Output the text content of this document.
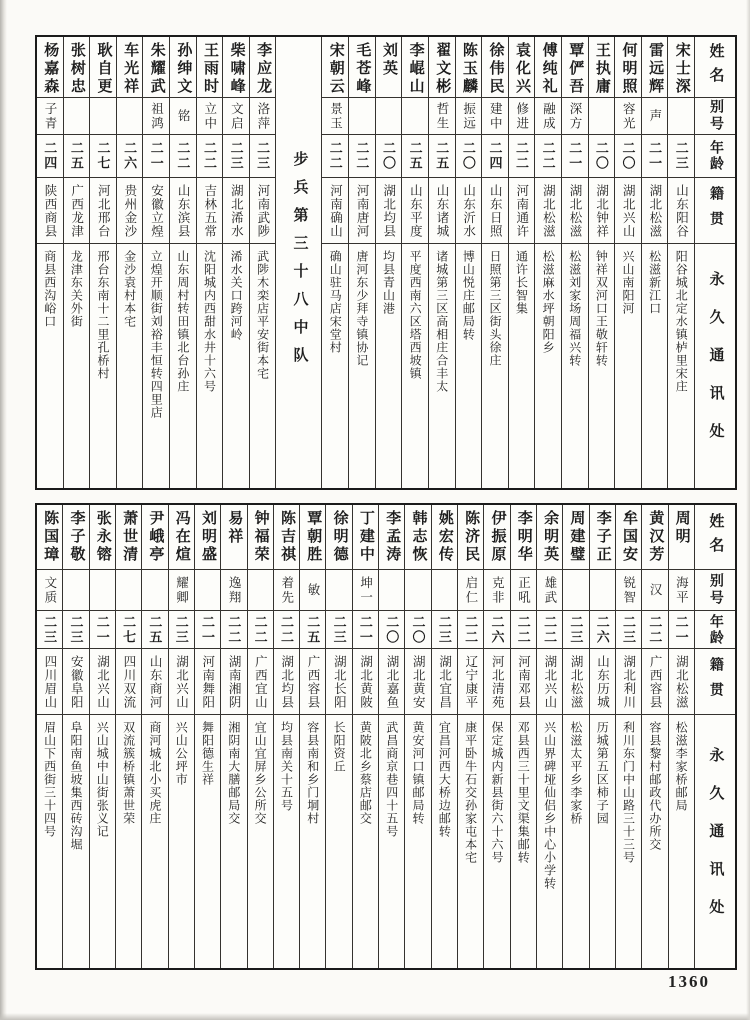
杨嘉森
子青
二四
陕西商县
商县西沟峪口
张树忠
二五
广西龙津
龙津东关外街
耿自更
二七
河北邢台
邢台东南十二里孔桥村
车光祥
二六
贵州金沙
金沙袁村本宅
朱耀武
祖鸿
二一
安徽立煌
立煌开顺街刘裕丰恒转四里店
孙绅文
铭
二二
山东滨县
山东周村转田镇北台孙庄
王雨时
立中
二二
吉林五常
沈阳城内西甜水井十六号
柴啸峰
文启
二三
湖北浠水
浠水关口跨河岭
李应龙
洛萍
二三
河南武陟
武陟木栾店平安街本宅 步兵第三十八中队
宋朝云
景玉
二二
河南确山
确山驻马店宋堂村
毛苍峰
二二
河南唐河
唐河东少拜寺镇协记
刘英
二〇
湖北均县
均县青山港
李崐山
二五
山东平度
平度西南六区塔西坡镇
翟文彬
哲生
二五
山东诸城
诸城第三区高相庄合丰太
陈玉麟
振远
二〇
山东沂水
博山悦庄邮局转
徐伟民
建中
二四
山东日照
日照第三区街头徐庄
袁化兴
修进
二二
河南通许
通许长智集
傅纯礼
融成
二二
湖北松滋
松滋麻水坪朝阳乡
覃俨吾
深方
二一
湖北松滋
松滋刘家场周福兴转
王执庸
二〇
湖北钟祥
钟祥双河口王敬轩转
何明照
容光
二〇
湖北兴山
兴山南阳河
雷远辉
声
二一
湖北松滋
松滋新江口
宋士深
二三
山东阳谷
阳谷城北定水镇栌里宋庄
姓名
别号
年龄
籍贯
永久通讯处
陈国璋
文质
二三
四川眉山
眉山下西街三十四号
李子敬
二三
安徽阜阳
阜阳南鱼坡集西砖沟堀
张永镕
二一
湖北兴山
兴山城中山街张义记
萧世清
二七
四川双流
双流簇桥镇萧世荣
尹峨亭
二五
山东商河
商河城北小买虎庄
冯在煊
耀卿
二三
湖北兴山
兴山公坪市
刘明盛
二一
河南舞阳
舞阳德生祥
易祥
逸翔
二二
湖南湘阴
湘阴南大膳邮局交
钟福荣
二二
广西宜山
宜山宜屏乡公所交
陈吉祺
着先
二二
湖北均县
均县南关十五号
覃朝胜
敏
二五
广西容县
容县南和乡门垌村
徐明德
二三
湖北长阳
长阳资丘
丁建中
坤一
二一
湖北黄陂
黄陂北乡蔡店邮交
李孟涛
二〇
湖北嘉鱼
武昌商京巷四十五号
韩志恢
二〇
湖北黄安
黄安河口镇邮局转
姚宏传
二三
湖北宜昌
宜昌河西大桥边邮转
陈济民
启仁
二二
辽宁康平
康平卧牛石交孙家屯本宅
伊振原
克非
二六
河北清苑
保定城内新县街六十六号
李明华
正吼
二二
河南邓县
邓县西三十里文渠集邮转
余明英
雄武
二二
湖北兴山
兴山界碑垭仙侣乡中心小学转
周建璧
二三
湖北松滋
松滋太平乡李家桥
李子正
二六
山东历城
历城第五区柿子园
牟国安
锐智
二三
湖北利川
利川东门中山路三十三号
黄汉芳
汉
二二
广西容县
容县黎村邮政代办所交
周明
海平
二一
湖北松滋
松滋李家桥邮局
姓名
别号
年龄
籍贯
永久通讯处
1360
